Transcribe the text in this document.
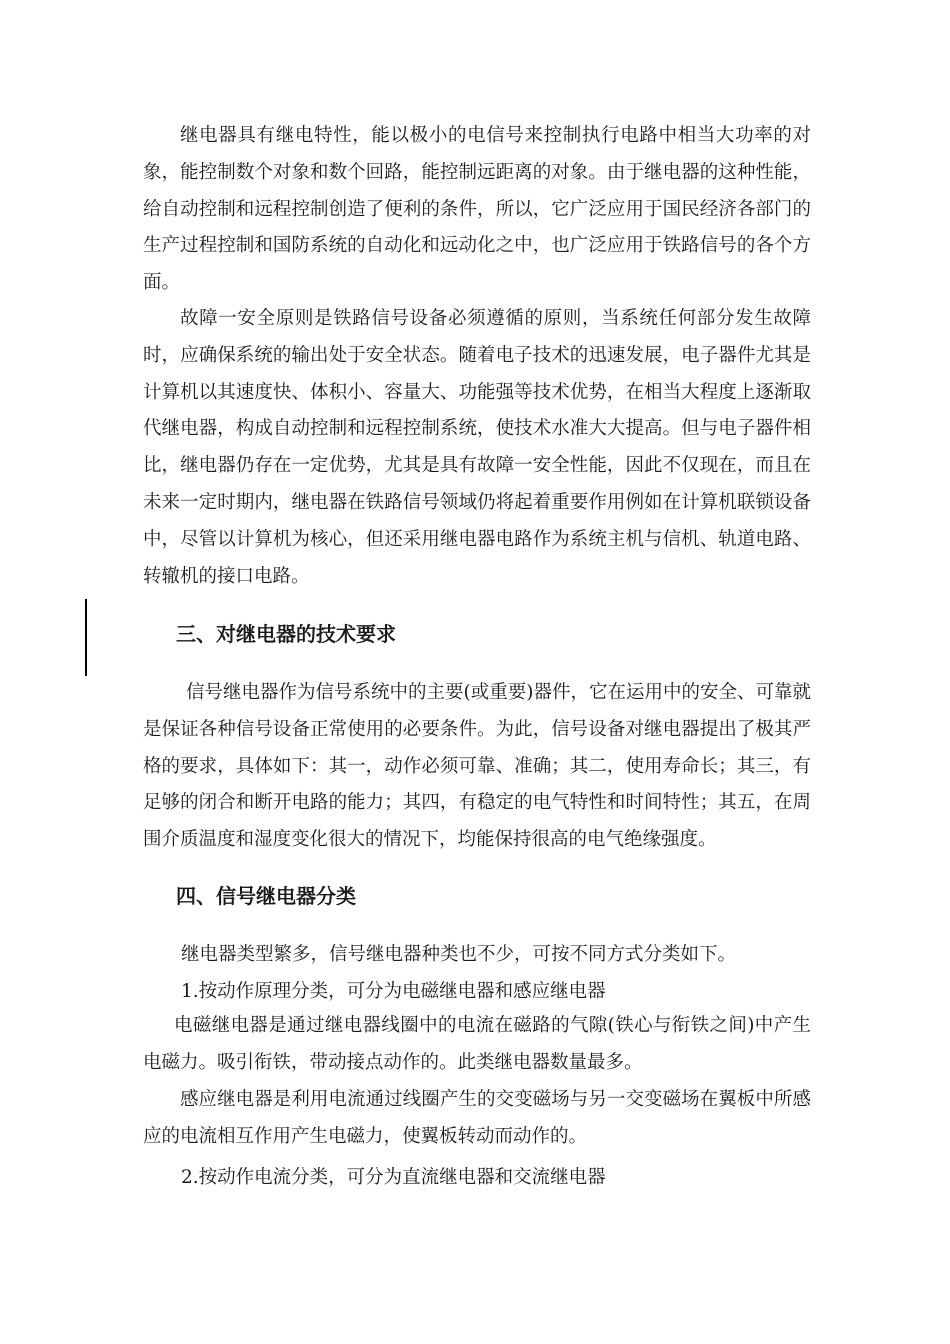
继电器具有继电特性，能以极小的电信号来控制执行电路中相当大功率的对象，能控制数个对象和数个回路，能控制远距离的对象。由于继电器的这种性能，给自动控制和远程控制创造了便利的条件，所以，它广泛应用于国民经济各部门的生产过程控制和国防系统的自动化和远动化之中，也广泛应用于铁路信号的各个方面。

故障一安全原则是铁路信号设备必须遵循的原则，当系统任何部分发生故障时，应确保系统的输出处于安全状态。随着电子技术的迅速发展，电子器件尤其是计算机以其速度快、体积小、容量大、功能强等技术优势，在相当大程度上逐渐取代继电器，构成自动控制和远程控制系统，使技术水准大大提高。但与电子器件相比，继电器仍存在一定优势，尤其是具有故障一安全性能，因此不仅现在，而且在未来一定时期内，继电器在铁路信号领域仍将起着重要作用例如在计算机联锁设备中，尽管以计算机为核心，但还采用继电器电路作为系统主机与信机、轨道电路、转辙机的接口电路。

三、对继电器的技术要求

信号继电器作为信号系统中的主要(或重要)器件，它在运用中的安全、可靠就是保证各种信号设备正常使用的必要条件。为此，信号设备对继电器提出了极其严格的要求，具体如下：其一，动作必须可靠、准确；其二，使用寿命长；其三，有足够的闭合和断开电路的能力；其四，有稳定的电气特性和时间特性；其五，在周围介质温度和湿度变化很大的情况下，均能保持很高的电气绝缘强度。

四、信号继电器分类

继电器类型繁多，信号继电器种类也不少，可按不同方式分类如下。

1.按动作原理分类，可分为电磁继电器和感应继电器

电磁继电器是通过继电器线圈中的电流在磁路的气隙(铁心与衔铁之间)中产生电磁力。吸引衔铁，带动接点动作的。此类继电器数量最多。

感应继电器是利用电流通过线圈产生的交变磁场与另一交变磁场在翼板中所感应的电流相互作用产生电磁力，使翼板转动而动作的。

2.按动作电流分类，可分为直流继电器和交流继电器
